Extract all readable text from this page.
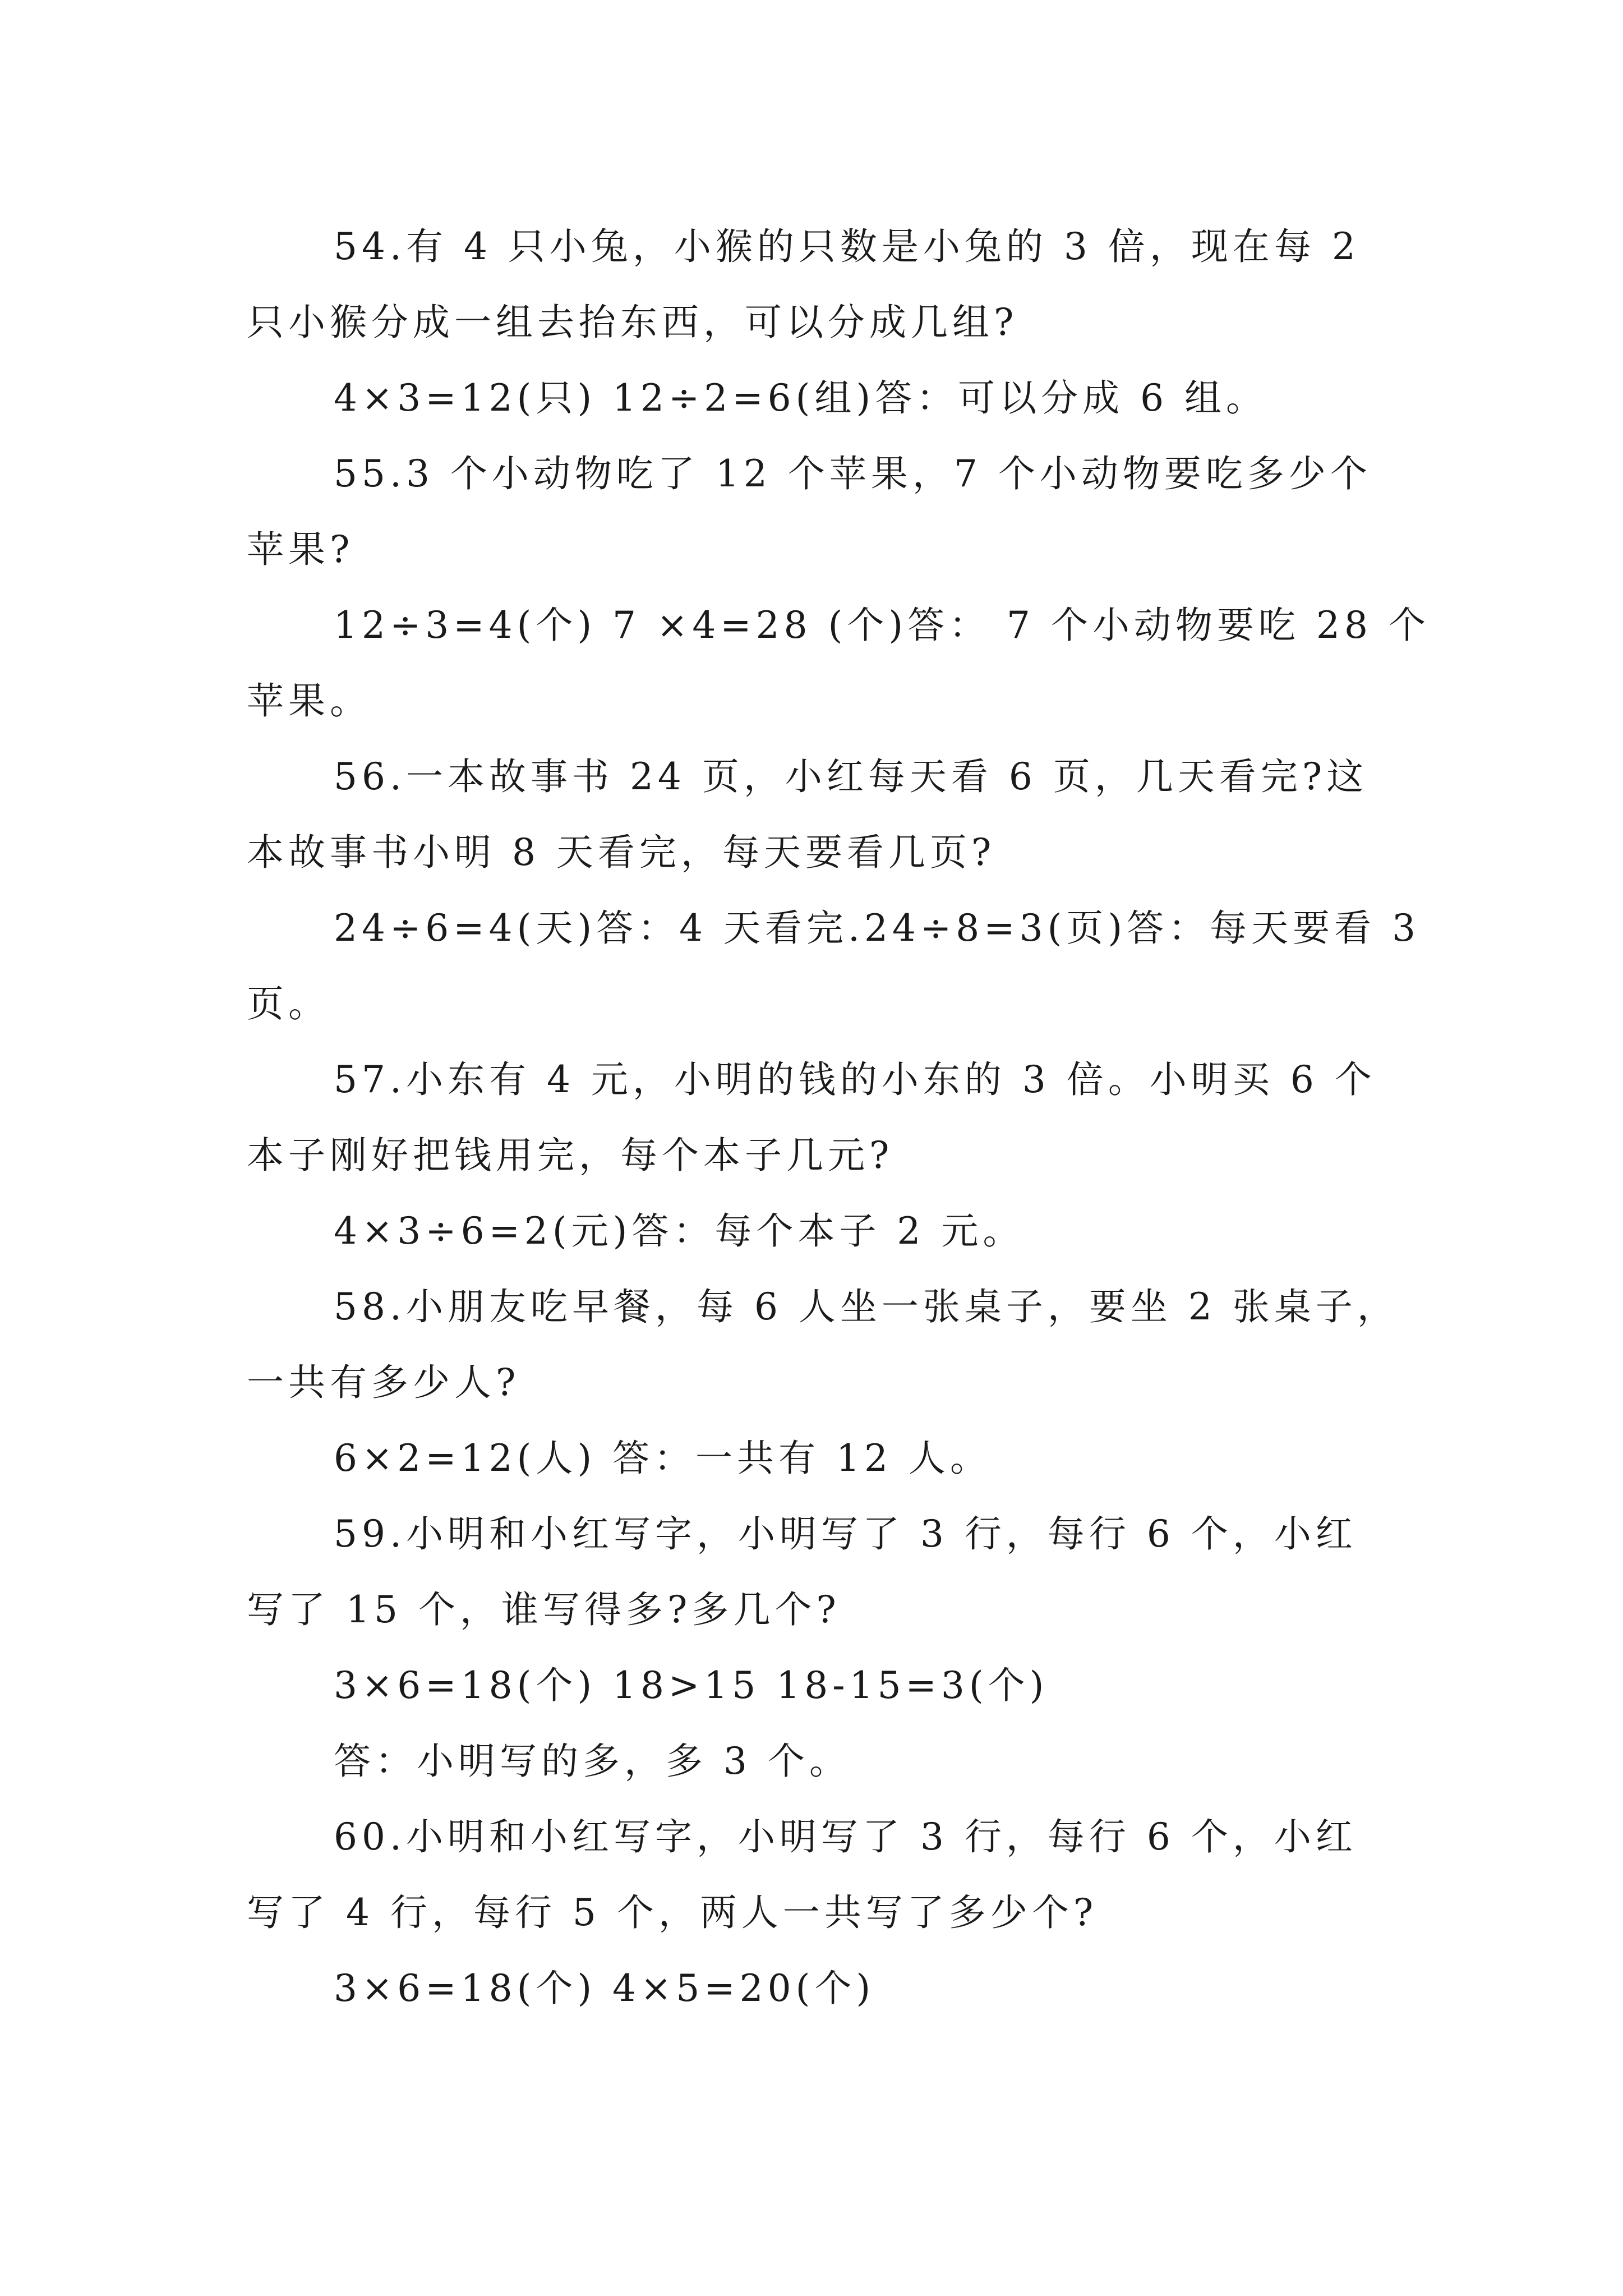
54.有 4 只小兔，小猴的只数是小兔的 3 倍，现在每 2
只小猴分成一组去抬东西，可以分成几组?
4×3=12(只) 12÷2=6(组)答：可以分成 6 组。
55.3 个小动物吃了 12 个苹果，7 个小动物要吃多少个
苹果?
12÷3=4(个) 7 ×4=28 (个)答： 7 个小动物要吃 28 个
苹果。
56.一本故事书 24 页，小红每天看 6 页，几天看完?这
本故事书小明 8 天看完，每天要看几页?
24÷6=4(天)答：4 天看完.24÷8=3(页)答：每天要看 3
页。
57.小东有 4 元，小明的钱的小东的 3 倍。小明买 6 个
本子刚好把钱用完，每个本子几元?
4×3÷6=2(元)答：每个本子 2 元。
58.小朋友吃早餐，每 6 人坐一张桌子，要坐 2 张桌子，
一共有多少人?
6×2=12(人) 答：一共有 12 人。
59.小明和小红写字，小明写了 3 行，每行 6 个，小红
写了 15 个，谁写得多?多几个?
3×6=18(个) 18>15 18-15=3(个)
答：小明写的多，多 3 个。
60.小明和小红写字，小明写了 3 行，每行 6 个，小红
写了 4 行，每行 5 个，两人一共写了多少个?
3×6=18(个) 4×5=20(个)
